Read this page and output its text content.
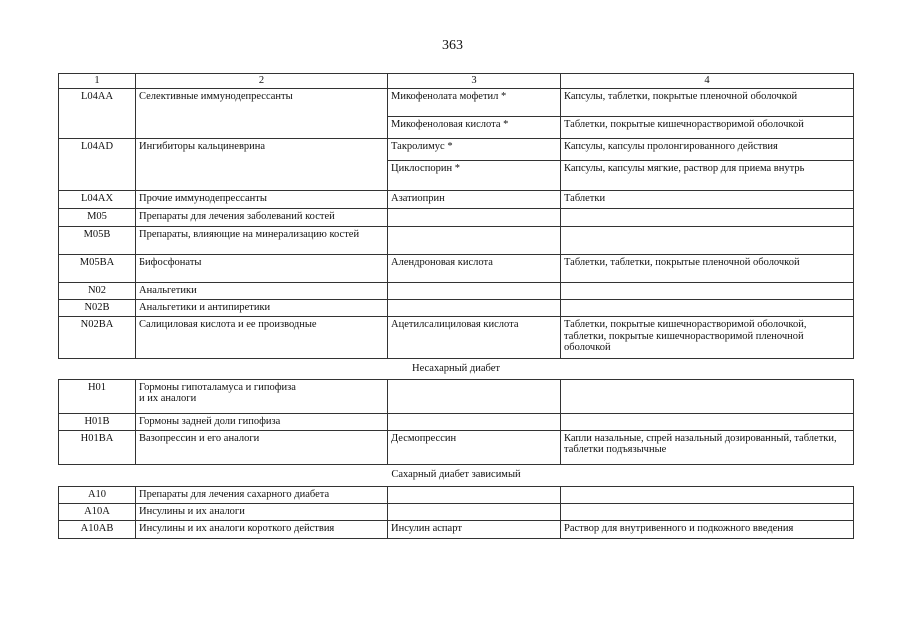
363
1	2	3	4
L04AA	Селективные иммунодепрессанты	Микофенолата мофетил *	Капсулы, таблетки, покрытые пленочной оболочкой
		Микофеноловая кислота *	Таблетки, покрытые кишечнорастворимой оболочкой
L04AD	Ингибиторы кальциневрина	Такролимус *	Капсулы, капсулы пролонгированного действия
		Циклоспорин *	Капсулы, капсулы мягкие, раствор для приема внутрь
L04AX	Прочие иммунодепрессанты	Азатиоприн	Таблетки
M05	Препараты для лечения заболеваний костей		
M05B	Препараты, влияющие на минерализацию костей		
M05BA	Бифосфонаты	Алендроновая кислота	Таблетки, таблетки, покрытые пленочной оболочкой
N02	Анальгетики		
N02B	Анальгетики и антипиретики		
N02BA	Салициловая кислота и ее производные	Ацетилсалициловая кислота	Таблетки, покрытые кишечнорастворимой оболочкой, таблетки, покрытые кишечнорастворимой пленочной оболочкой
Несахарный диабет			
H01	Гормоны гипоталамуса и гипофиза
и их аналоги		
H01B	Гормоны задней доли гипофиза		
H01BA	Вазопрессин и его аналоги	Десмопрессин	Капли назальные, спрей назальный дозированный, таблетки, таблетки подъязычные
Сахарный диабет зависимый			
A10	Препараты для лечения сахарного диабета		
A10A	Инсулины и их аналоги		
A10AB	Инсулины и их аналоги короткого действия	Инсулин аспарт	Раствор для внутривенного и подкожного введения
